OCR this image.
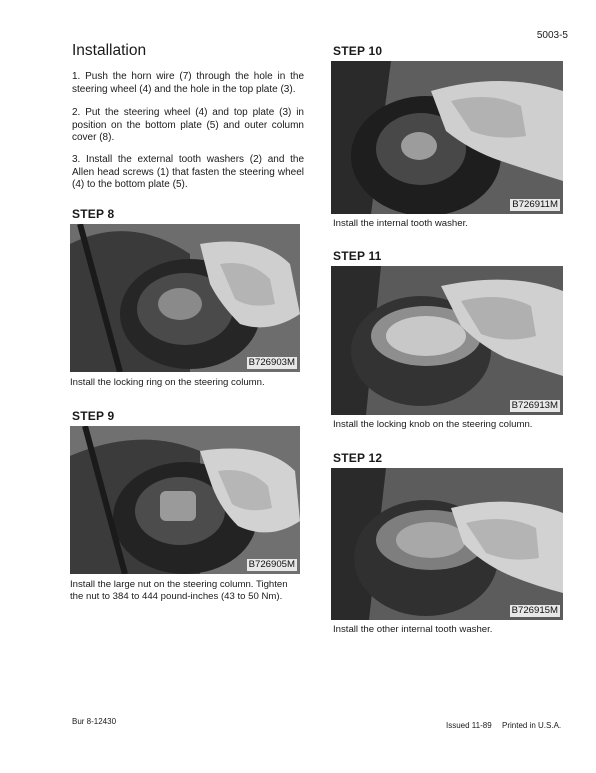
5003-5
Installation

1. Push the horn wire (7) through the hole in the steering wheel (4) and the hole in the top plate (3).

2. Put the steering wheel (4) and top plate (3) in position on the bottom plate (5) and outer column cover (8).

3. Install the external tooth washers (2) and the Allen head screws (1) that fasten the steering wheel (4) to the bottom plate (5).

STEP 8
B726903M

Install the locking ring on the steering column.

STEP 9
B726905M

Install the large nut on the steering column. Tighten the nut to 384 to 444 pound-inches (43 to 50 Nm).

STEP 10
B726911M

Install the internal tooth washer.

STEP 11
B726913M

Install the locking knob on the steering column.

STEP 12
B726915M

Install the other internal tooth washer.

Bur 8-12430	Issued 11-89 Printed in U.S.A.
